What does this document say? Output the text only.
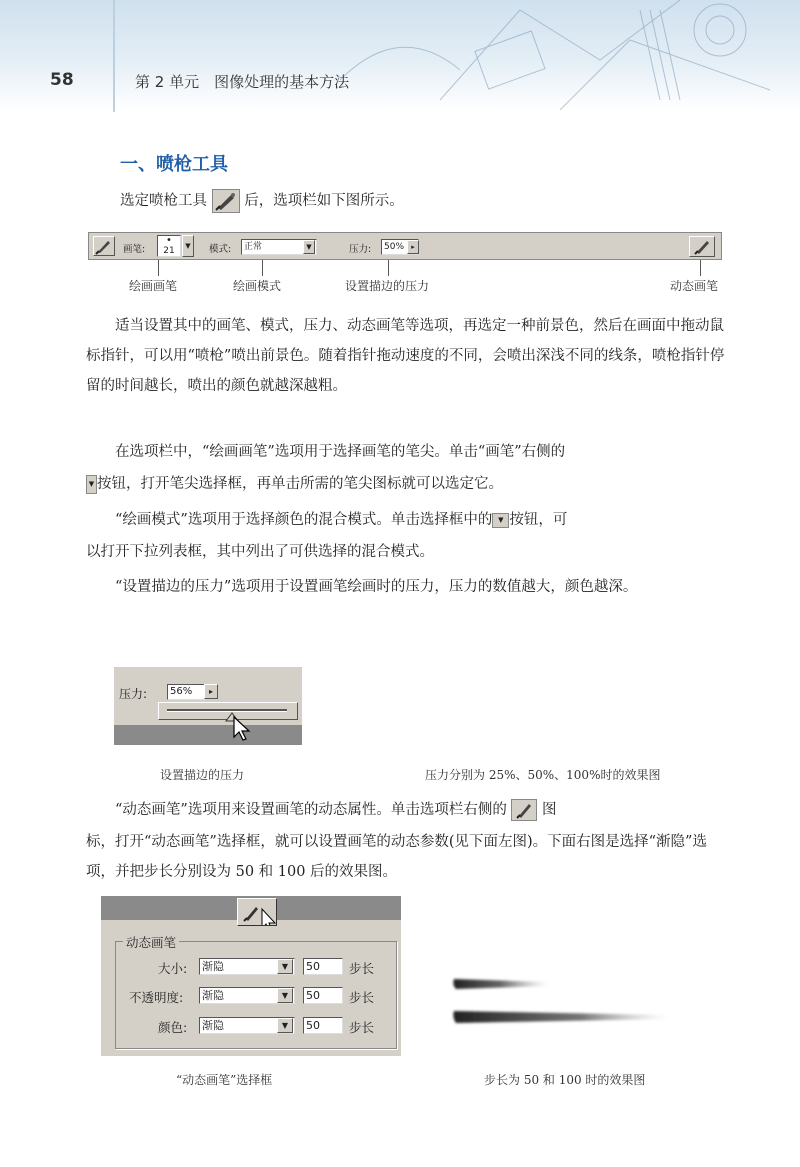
58	第 2 单元　图像处理的基本方法
一、喷枪工具
选定喷枪工具	后，选项栏如下图所示。
画笔:
•
21	▼	模式:	正常	▼	压力:	50%	▸
绘画画笔	绘画模式	设置描边的压力	动态画笔
适当设置其中的画笔、模式，压力、动态画笔等选项，再选定一种前景色，然后在画面中拖动鼠标指针，可以用“喷枪”喷出前景色。随着指针拖动速度的不同，会喷出深浅不同的线条，喷枪指针停留的时间越长，喷出的颜色就越深越粗。
在选项栏中，“绘画画笔”选项用于选择画笔的笔尖。单击“画笔”右侧的
▼ 按钮，打开笔尖选择框，再单击所需的笔尖图标就可以选定它。
“绘画模式”选项用于选择颜色的混合模式。单击选择框中的 ▼ 按钮，可
以打开下拉列表框，其中列出了可供选择的混合模式。
“设置描边的压力”选项用于设置画笔绘画时的压力，压力的数值越大，颜色越深。
压力:	56%	▸
设置描边的压力	压力分别为 25%、50%、100%时的效果图
“动态画笔”选项用来设置画笔的动态属性。单击选项栏右侧的 图
标，打开“动态画笔”选择框，就可以设置画笔的动态参数(见下面左图)。下面右图是选择“渐隐”选项，并把步长分别设为 50 和 100 后的效果图。
动态画笔
大小: 渐隐	▼	50	步长
不透明度: 渐隐	▼	50	步长
颜色: 渐隐	▼	50	步长
“动态画笔”选择框	步长为 50 和 100 时的效果图
